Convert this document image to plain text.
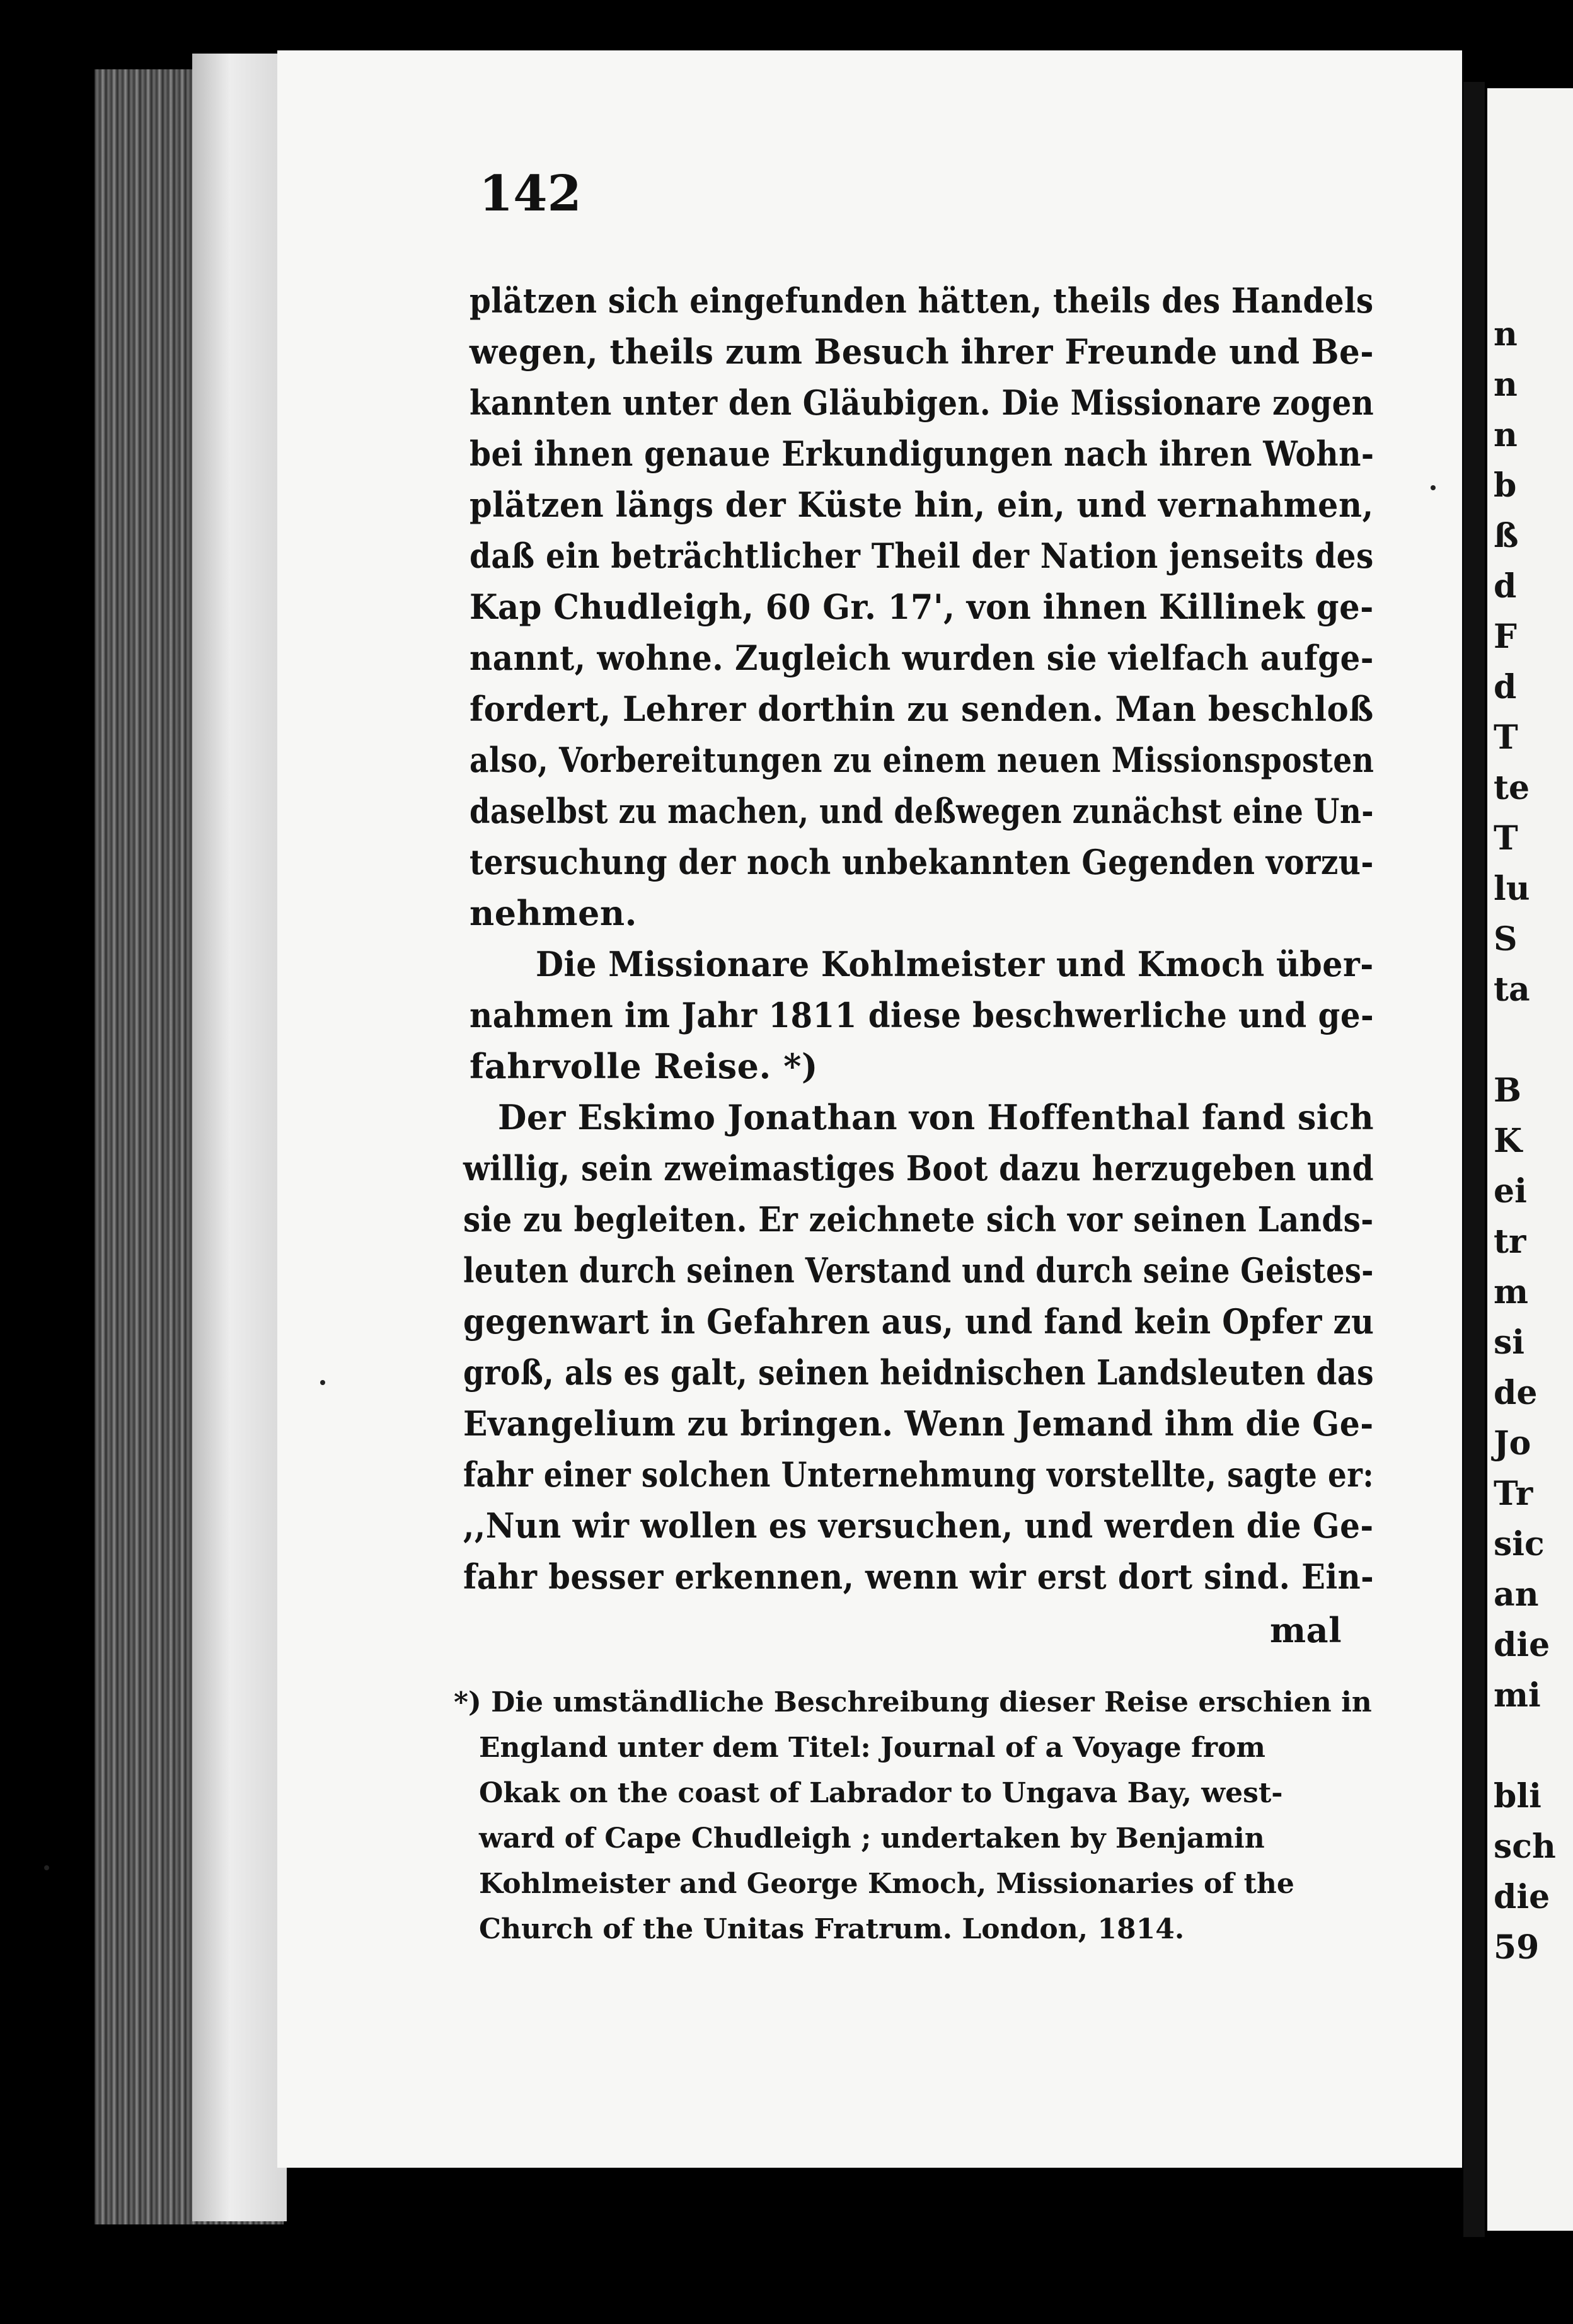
n
n
n
b
ß
d
F
d
T
te
T
lu
S
ta
B
K
ei
tr
m
si
de
Jo
Tr
sic
an
die
mi
bli
sch
die
59
142
plätzen sich eingefunden hätten, theils des Handels
wegen, theils zum Besuch ihrer Freunde und Be-
kannten unter den Gläubigen. Die Missionare zogen
bei ihnen genaue Erkundigungen nach ihren Wohn-
plätzen längs der Küste hin, ein, und vernahmen,
daß ein beträchtlicher Theil der Nation jenseits des
Kap Chudleigh, 60 Gr. 17', von ihnen Killinek ge-
nannt, wohne. Zugleich wurden sie vielfach aufge-
fordert, Lehrer dorthin zu senden. Man beschloß
also, Vorbereitungen zu einem neuen Missionsposten
daselbst zu machen, und deßwegen zunächst eine Un-
tersuchung der noch unbekannten Gegenden vorzu-
nehmen.
Die Missionare Kohlmeister und Kmoch über-
nahmen im Jahr 1811 diese beschwerliche und ge-
fahrvolle Reise. *)
Der Eskimo Jonathan von Hoffenthal fand sich
willig, sein zweimastiges Boot dazu herzugeben und
sie zu begleiten. Er zeichnete sich vor seinen Lands-
leuten durch seinen Verstand und durch seine Geistes-
gegenwart in Gefahren aus, und fand kein Opfer zu
groß, als es galt, seinen heidnischen Landsleuten das
Evangelium zu bringen. Wenn Jemand ihm die Ge-
fahr einer solchen Unternehmung vorstellte, sagte er:
,,Nun wir wollen es versuchen, und werden die Ge-
fahr besser erkennen, wenn wir erst dort sind. Ein-
mal
*) Die umständliche Beschreibung dieser Reise erschien in
England unter dem Titel: Journal of a Voyage from
Okak on the coast of Labrador to Ungava Bay, west-
ward of Cape Chudleigh ; undertaken by Benjamin
Kohlmeister and George Kmoch, Missionaries of the
Church of the Unitas Fratrum. London, 1814.
